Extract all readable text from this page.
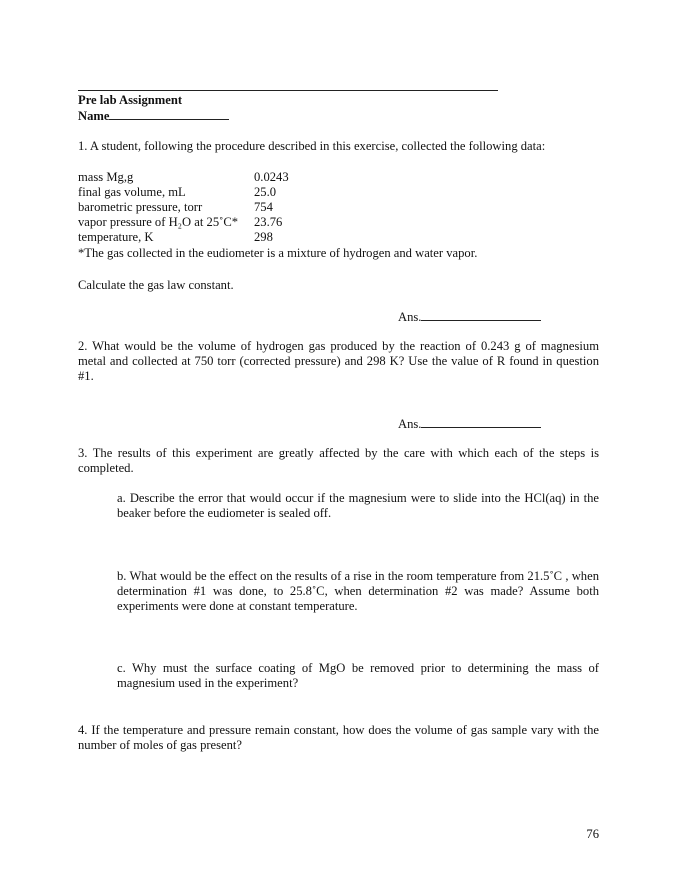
Pre lab Assignment
Name

1. A student, following the procedure described in this exercise, collected the following data:

mass Mg,g	0.0243
final gas volume, mL	25.0
barometric pressure, torr	754
vapor pressure of H₂O at 25˚C*	23.76
temperature, K	298

*The gas collected in the eudiometer is a mixture of hydrogen and water vapor.

Calculate the gas law constant.

Ans.

2. What would be the volume of hydrogen gas produced by the reaction of 0.243 g of magnesium metal and collected at 750 torr (corrected pressure) and 298 K? Use the value of R found in question #1.

Ans.

3. The results of this experiment are greatly affected by the care with which each of the steps is completed.

a. Describe the error that would occur if the magnesium were to slide into the HCl(aq) in the beaker before the eudiometer is sealed off.

b. What would be the effect on the results of a rise in the room temperature from 21.5˚C , when determination #1 was done, to 25.8˚C, when determination #2 was made? Assume both experiments were done at constant temperature.

c. Why must the surface coating of MgO be removed prior to determining the mass of magnesium used in the experiment?

4. If the temperature and pressure remain constant, how does the volume of gas sample vary with the number of moles of gas present?

76
